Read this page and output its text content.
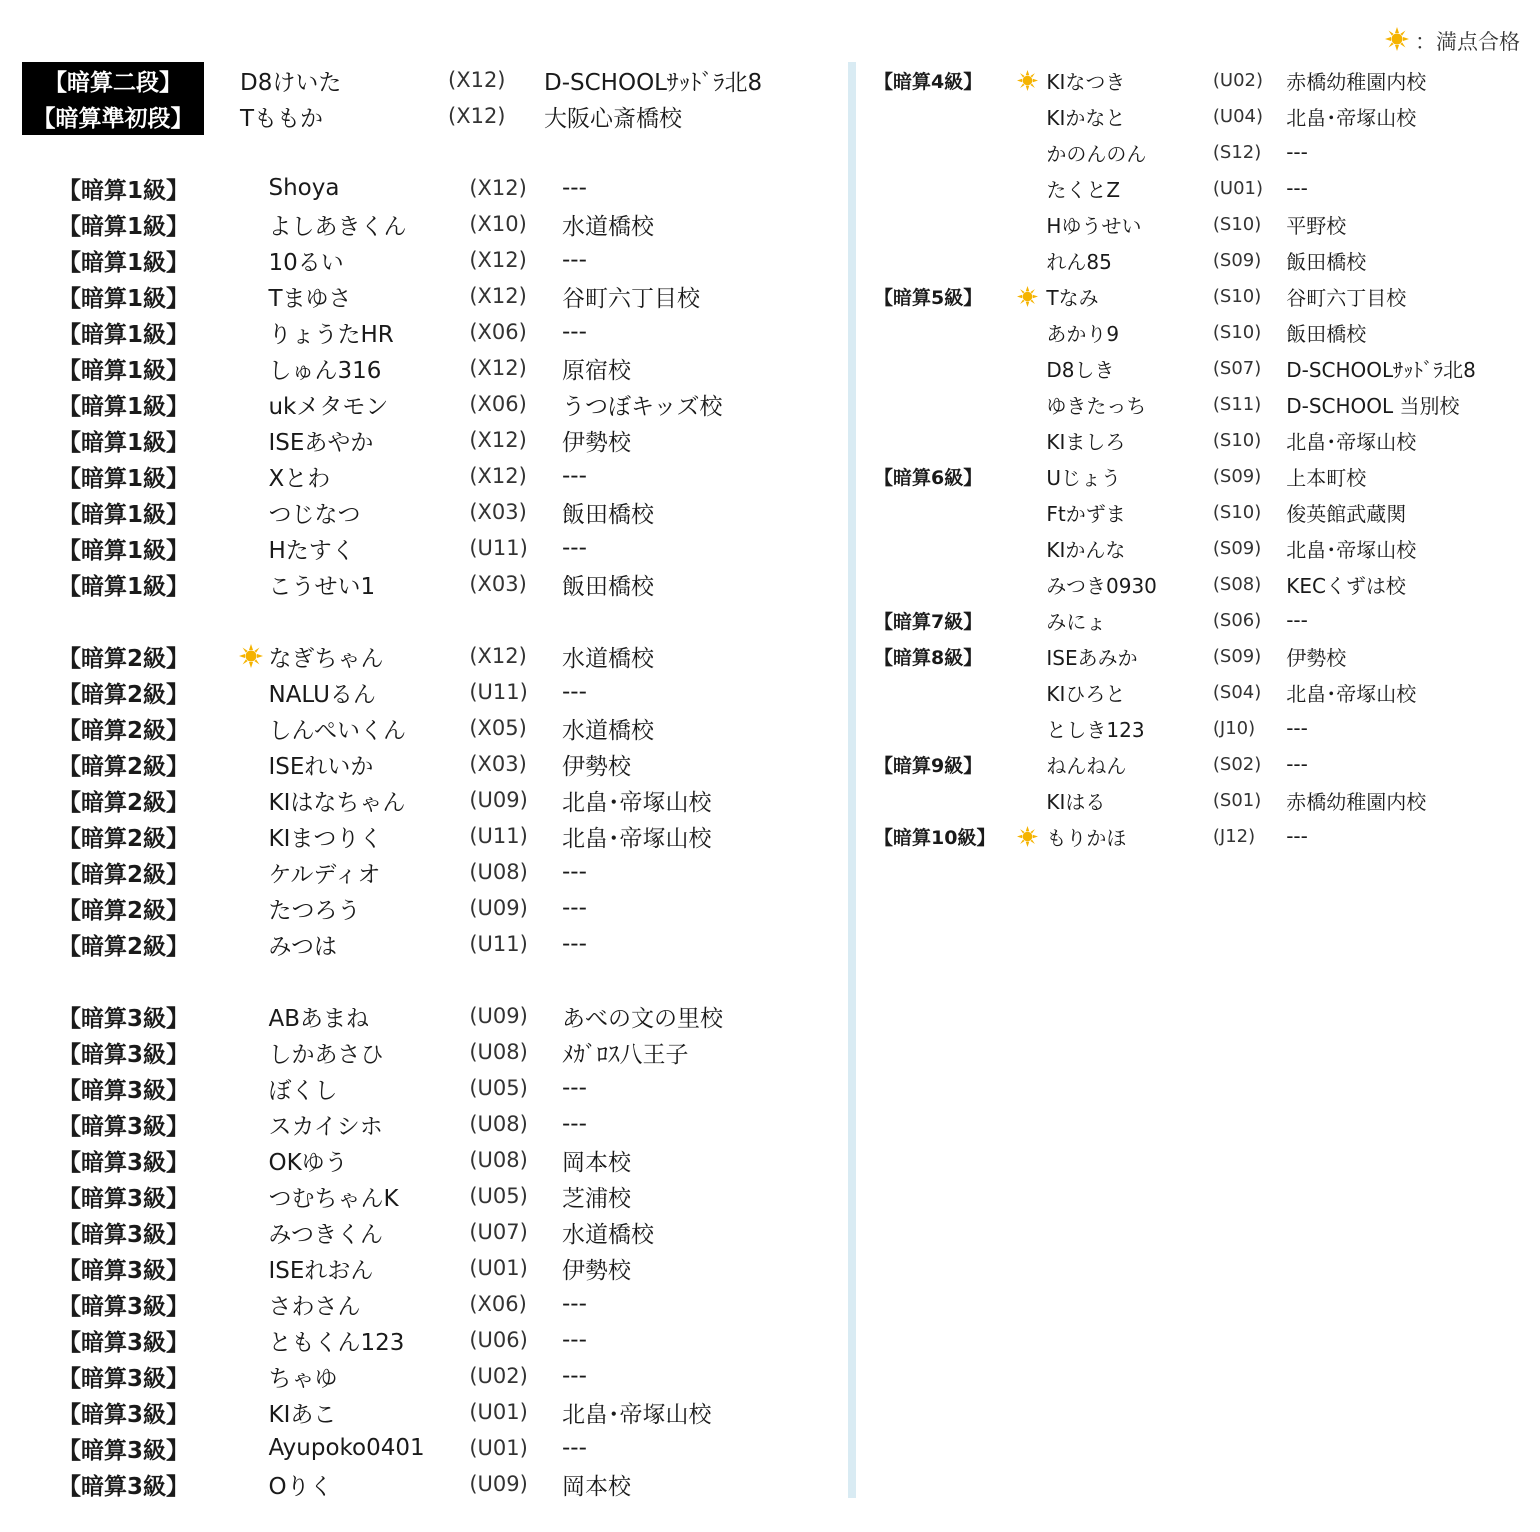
：満点合格
【暗算二段】	D8けいた	(X12)	D-SCHOOLｻｯﾄﾞﾗ北8
【暗算準初段】	Tももか	(X12)	大阪心斎橋校
【暗算1級】	Shoya	(X12)	---
【暗算1級】	よしあきくん	(X10)	水道橋校
【暗算1級】	10るい	(X12)	---
【暗算1級】	Tまゆさ	(X12)	谷町六丁目校
【暗算1級】	りょうたHR	(X06)	---
【暗算1級】	しゅん316	(X12)	原宿校
【暗算1級】	ukメタモン	(X06)	うつぼキッズ校
【暗算1級】	ISEあやか	(X12)	伊勢校
【暗算1級】	Xとわ	(X12)	---
【暗算1級】	つじなつ	(X03)	飯田橋校
【暗算1級】	Hたすく	(U11)	---
【暗算1級】	こうせい1	(X03)	飯田橋校
【暗算2級】	なぎちゃん	(X12)	水道橋校
【暗算2級】	NALUるん	(U11)	---
【暗算2級】	しんぺいくん	(X05)	水道橋校
【暗算2級】	ISEれいか	(X03)	伊勢校
【暗算2級】	KIはなちゃん	(U09)	北畠･帝塚山校
【暗算2級】	KIまつりく	(U11)	北畠･帝塚山校
【暗算2級】	ケルディオ	(U08)	---
【暗算2級】	たつろう	(U09)	---
【暗算2級】	みつは	(U11)	---
【暗算3級】	ABあまね	(U09)	あべの文の里校
【暗算3級】	しかあさひ	(U08)	ﾒｶﾞﾛｽ八王子
【暗算3級】	ぼくし	(U05)	---
【暗算3級】	スカイシホ	(U08)	---
【暗算3級】	OKゆう	(U08)	岡本校
【暗算3級】	つむちゃんK	(U05)	芝浦校
【暗算3級】	みつきくん	(U07)	水道橋校
【暗算3級】	ISEれおん	(U01)	伊勢校
【暗算3級】	さわさん	(X06)	---
【暗算3級】	ともくん123	(U06)	---
【暗算3級】	ちゃゆ	(U02)	---
【暗算3級】	KIあこ	(U01)	北畠･帝塚山校
【暗算3級】	Ayupoko0401	(U01)	---
【暗算3級】	Oりく	(U09)	岡本校
【暗算4級】	KIなつき	(U02)	赤橋幼稚園内校
KIかなと	(U04)	北畠･帝塚山校
かのんのん	(S12)	---
たくとZ	(U01)	---
Hゆうせい	(S10)	平野校
れん85	(S09)	飯田橋校
【暗算5級】	Tなみ	(S10)	谷町六丁目校
あかり9	(S10)	飯田橋校
D8しき	(S07)	D-SCHOOLｻｯﾄﾞﾗ北8
ゆきたっち	(S11)	D-SCHOOL 当別校
KIましろ	(S10)	北畠･帝塚山校
【暗算6級】	Uじょう	(S09)	上本町校
Ftかずま	(S10)	俊英館武蔵関
KIかんな	(S09)	北畠･帝塚山校
みつき0930	(S08)	KECくずは校
【暗算7級】	みにょ	(S06)	---
【暗算8級】	ISEあみか	(S09)	伊勢校
KIひろと	(S04)	北畠･帝塚山校
としき123	(J10)	---
【暗算9級】	ねんねん	(S02)	---
KIはる	(S01)	赤橋幼稚園内校
【暗算10級】	もりかほ	(J12)	---
